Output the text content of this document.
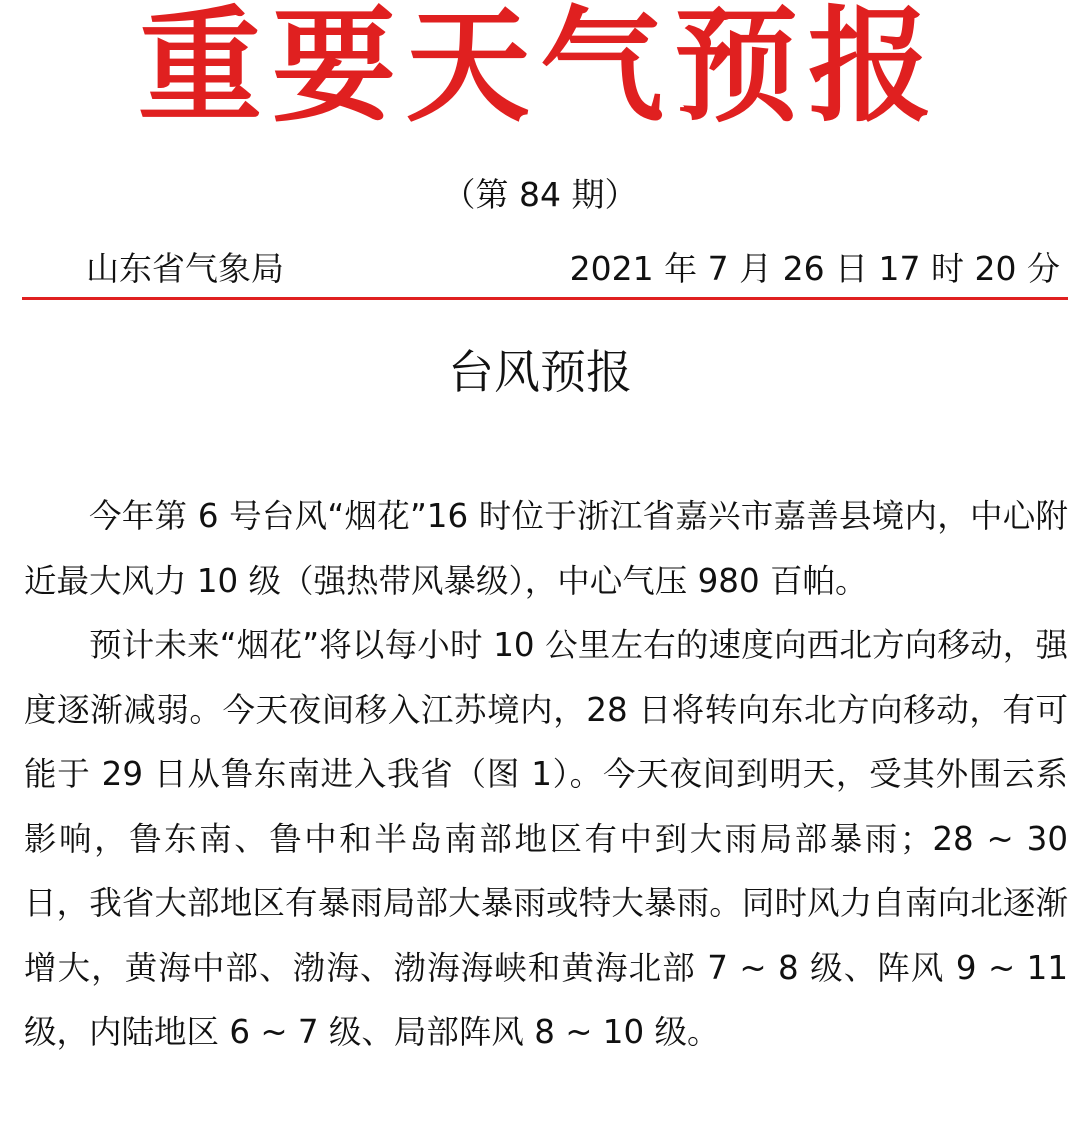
重要天气预报
（第 84 期）
山东省气象局	2021 年 7 月 26 日 17 时 20 分
台风预报

今年第 6 号台风“烟花”16 时位于浙江省嘉兴市嘉善县境内，中心附近最大风力 10 级（强热带风暴级），中心气压 980 百帕。

预计未来“烟花”将以每小时 10 公里左右的速度向西北方向移动，强度逐渐减弱。今天夜间移入江苏境内，28 日将转向东北方向移动，有可能于 29 日从鲁东南进入我省（图 1）。今天夜间到明天，受其外围云系影响，鲁东南、鲁中和半岛南部地区有中到大雨局部暴雨；28 ~ 30 日，我省大部地区有暴雨局部大暴雨或特大暴雨。同时风力自南向北逐渐增大，黄海中部、渤海、渤海海峡和黄海北部 7 ~ 8 级、阵风 9 ~ 11 级，内陆地区 6 ~ 7 级、局部阵风 8 ~ 10 级。
